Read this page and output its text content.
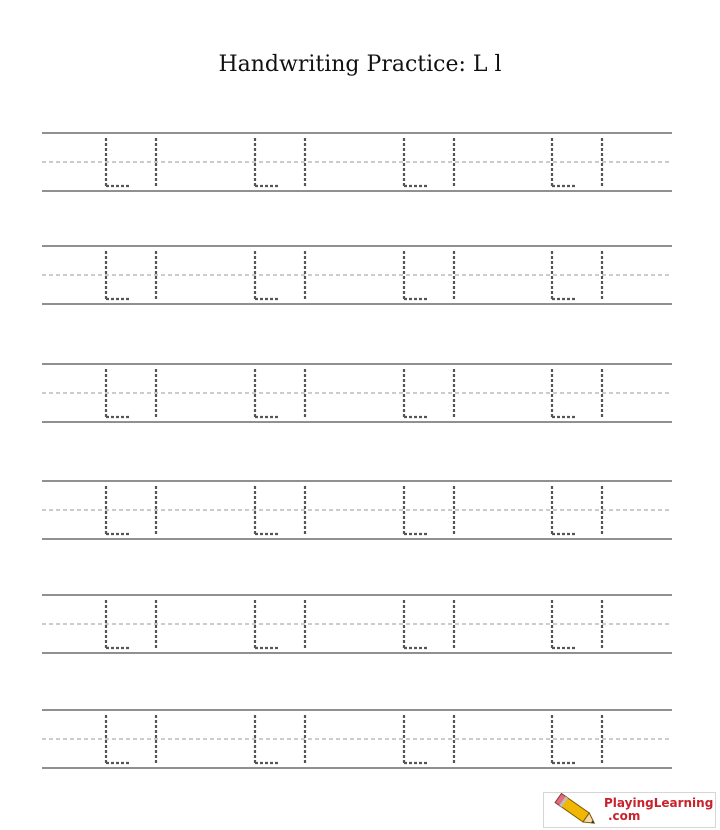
Handwriting Practice: L l
PlayingLearning
.com
